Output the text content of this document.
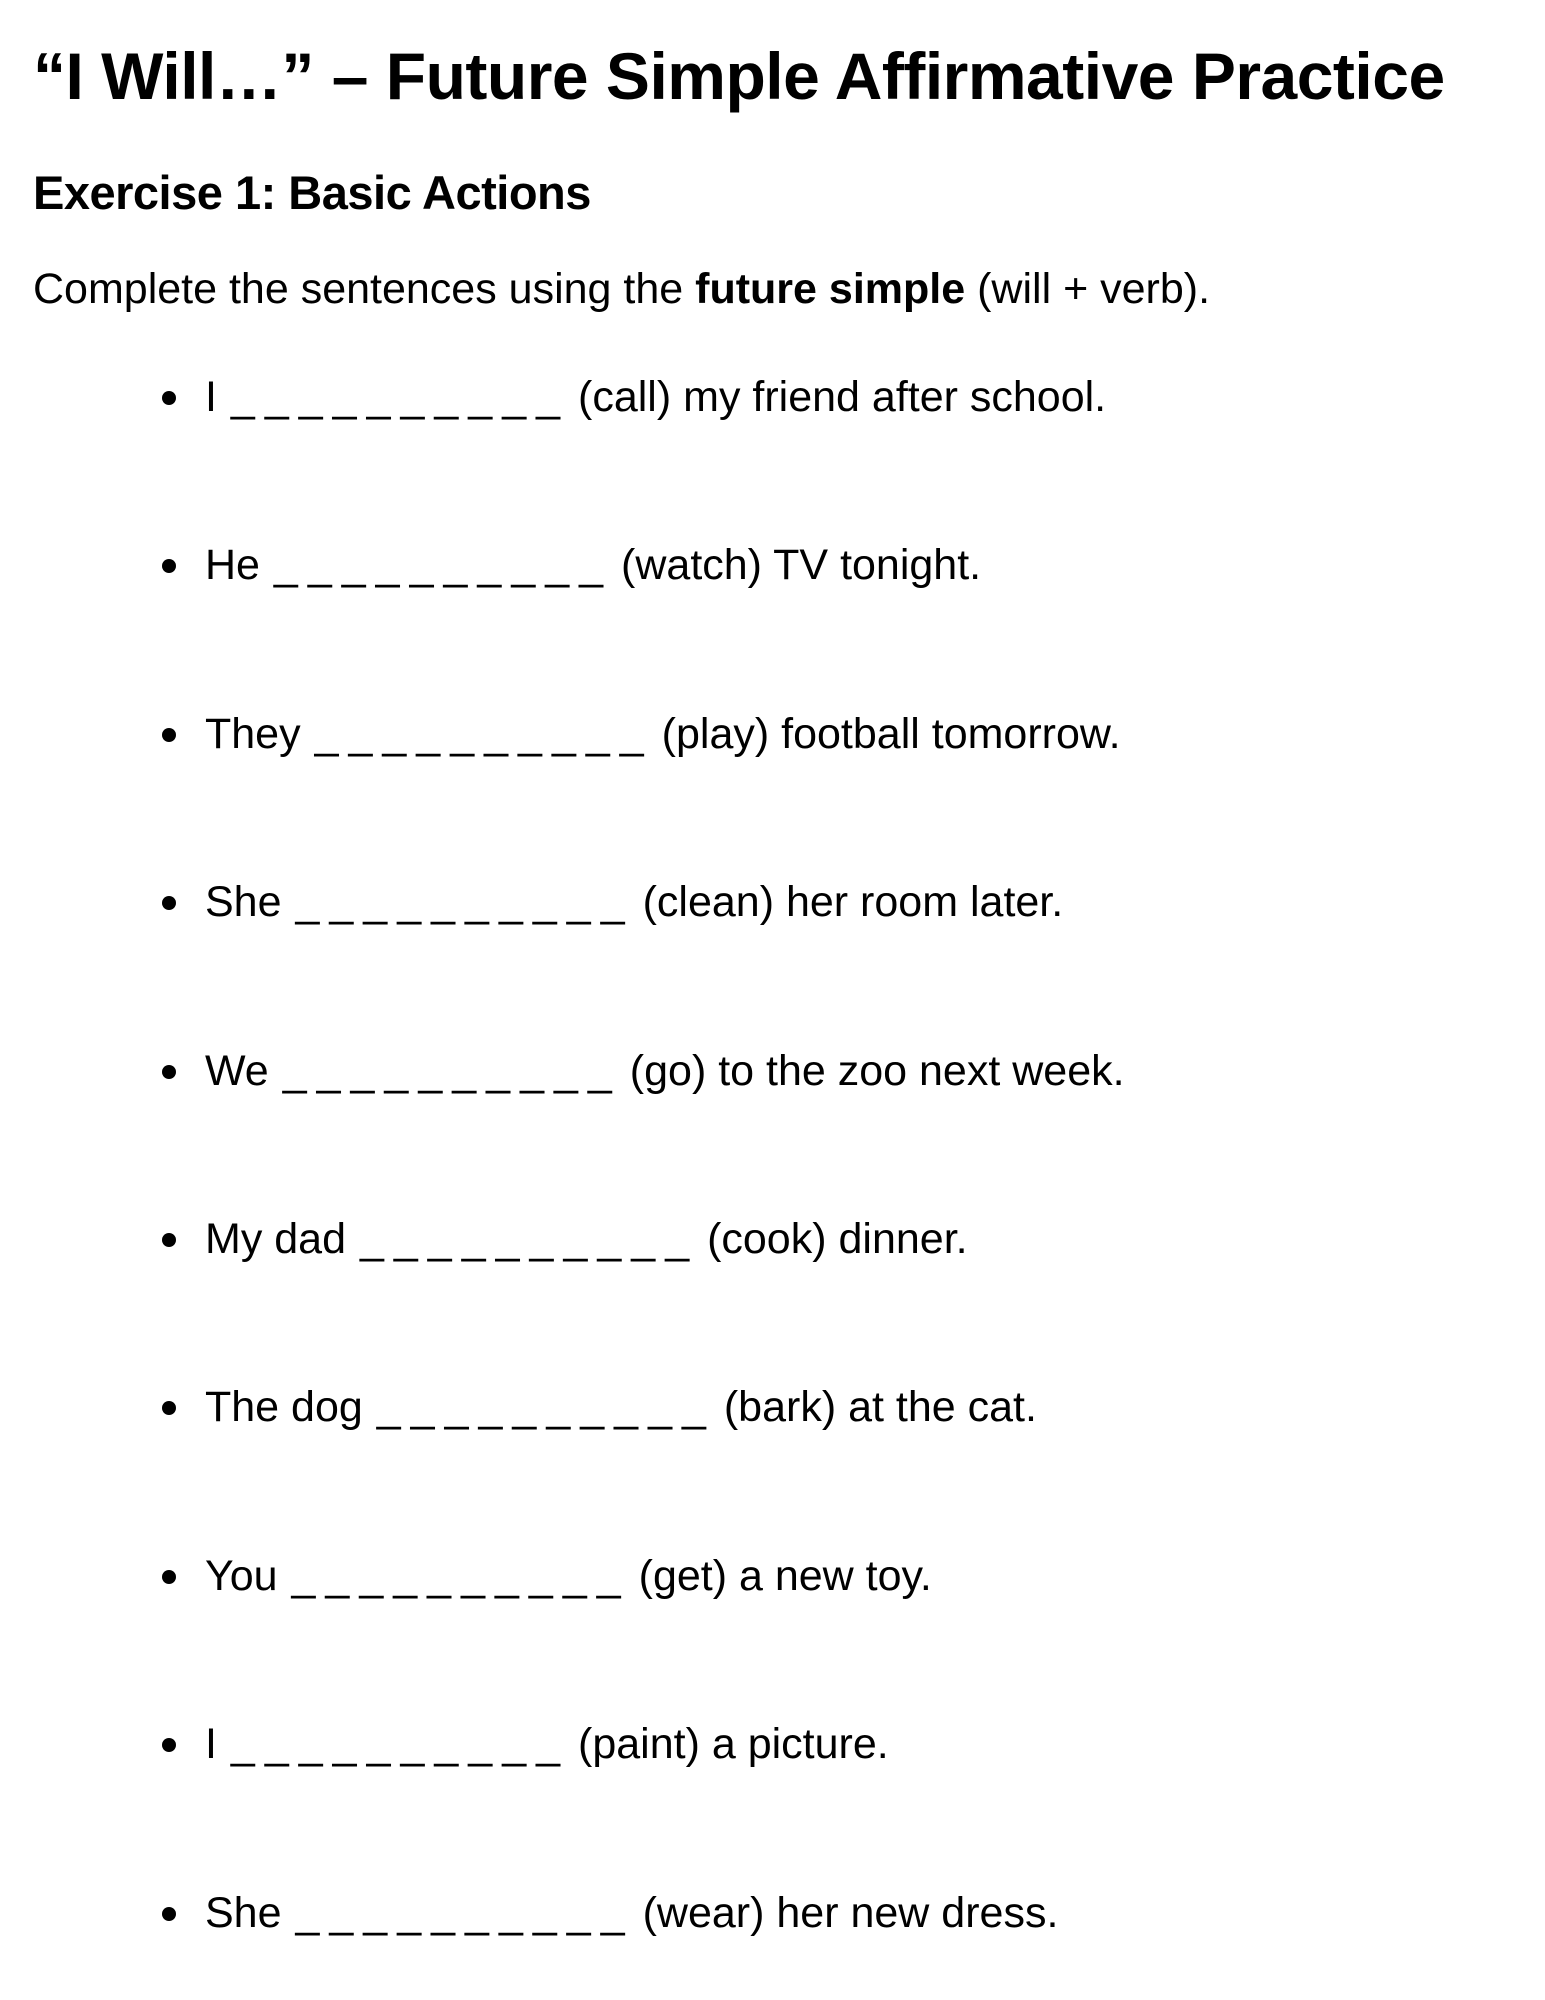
“I Will…” – Future Simple Affirmative Practice
Exercise 1: Basic Actions

Complete the sentences using the future simple (will + verb).

I __________ (call) my friend after school.
He __________ (watch) TV tonight.
They __________ (play) football tomorrow.
She __________ (clean) her room later.
We __________ (go) to the zoo next week.
My dad __________ (cook) dinner.
The dog __________ (bark) at the cat.
You __________ (get) a new toy.
I __________ (paint) a picture.
She __________ (wear) her new dress.
